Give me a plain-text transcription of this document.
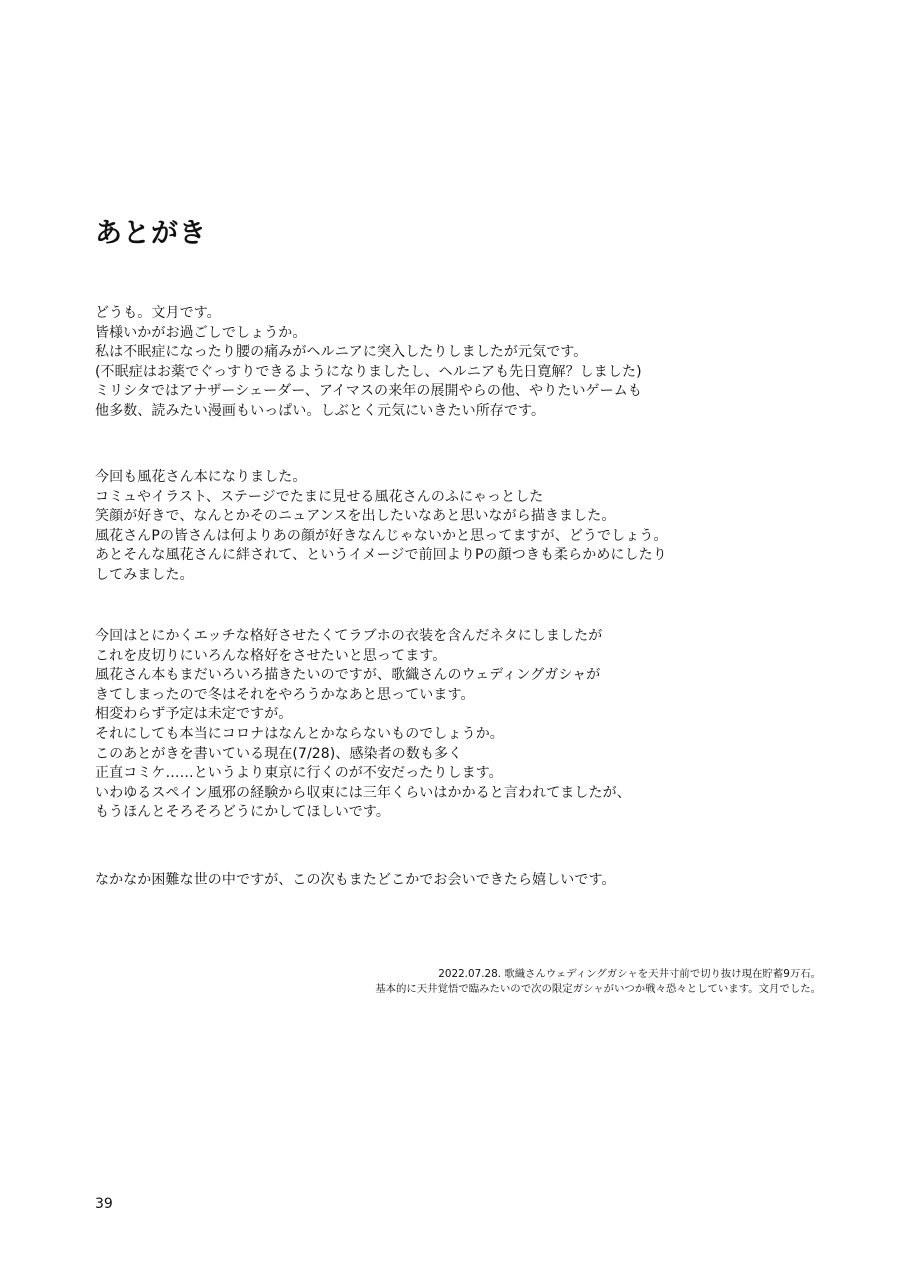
あとがき
どうも。文月です。
皆様いかがお過ごしでしょうか。
私は不眠症になったり腰の痛みがヘルニアに突入したりしましたが元気です。
(不眠症はお薬でぐっすりできるようになりましたし、ヘルニアも先日寛解？しました)
ミリシタではアナザーシェーダー、アイマスの来年の展開やらの他、やりたいゲームも
他多数、読みたい漫画もいっぱい。しぶとく元気にいきたい所存です。
今回も風花さん本になりました。
コミュやイラスト、ステージでたまに見せる風花さんのふにゃっとした
笑顔が好きで、なんとかそのニュアンスを出したいなあと思いながら描きました。
風花さんPの皆さんは何よりあの顔が好きなんじゃないかと思ってますが、どうでしょう。
あとそんな風花さんに絆されて、というイメージで前回よりPの顔つきも柔らかめにしたり
してみました。
今回はとにかくエッチな格好させたくてラブホの衣装を含んだネタにしましたが
これを皮切りにいろんな格好をさせたいと思ってます。
風花さん本もまだいろいろ描きたいのですが、歌織さんのウェディングガシャが
きてしまったので冬はそれをやろうかなあと思っています。
相変わらず予定は未定ですが。
それにしても本当にコロナはなんとかならないものでしょうか。
このあとがきを書いている現在(7/28)、感染者の数も多く
正直コミケ……というより東京に行くのが不安だったりします。
いわゆるスペイン風邪の経験から収束には三年くらいはかかると言われてましたが、
もうほんとそろそろどうにかしてほしいです。
なかなか困難な世の中ですが、この次もまたどこかでお会いできたら嬉しいです。
2022.07.28. 歌織さんウェディングガシャを天井寸前で切り抜け現在貯蓄9万石。
基本的に天井覚悟で臨みたいので次の限定ガシャがいつか戦々恐々としています。文月でした。
39
